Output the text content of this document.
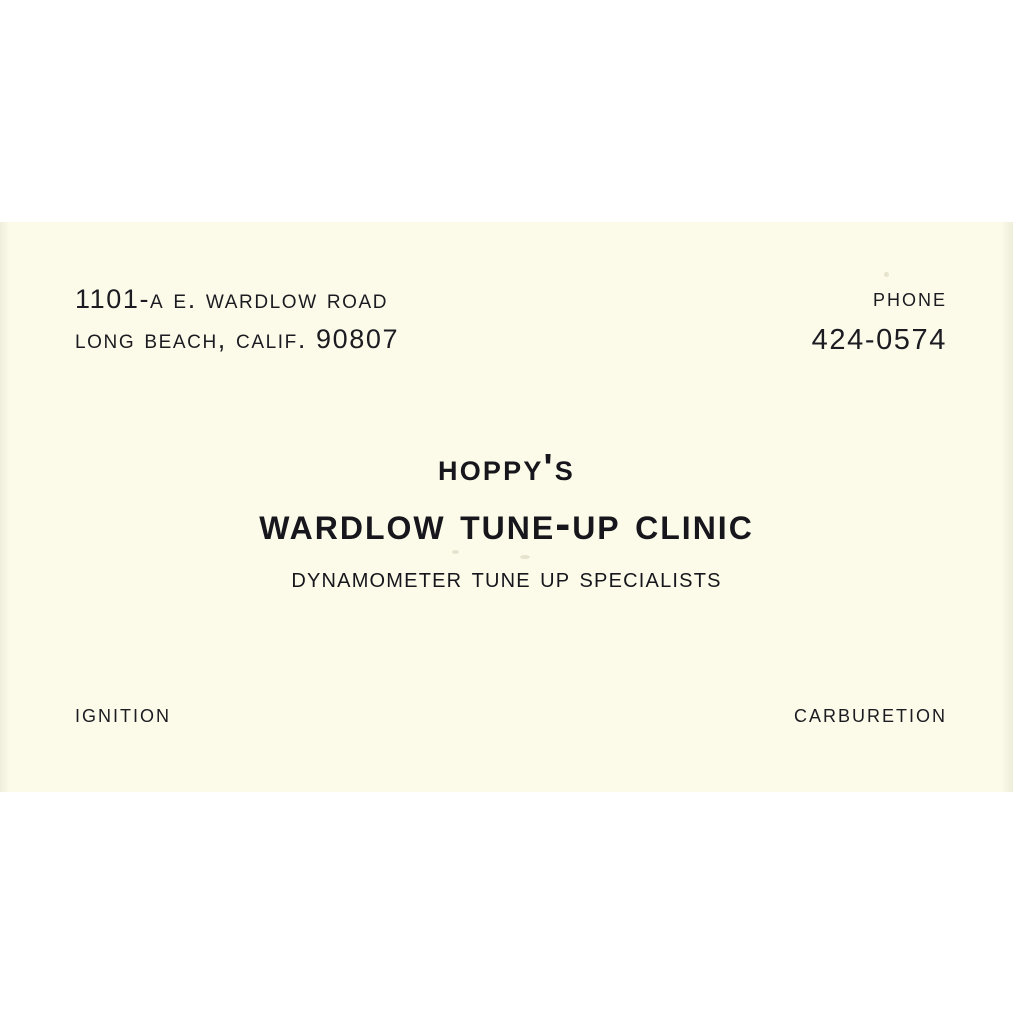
1101-a e. wardlow road
long beach, calif. 90807
phone
424-0574
hoppy's
wardlow tune-up clinic
dynamometer tune up specialists
ignition	carburetion
